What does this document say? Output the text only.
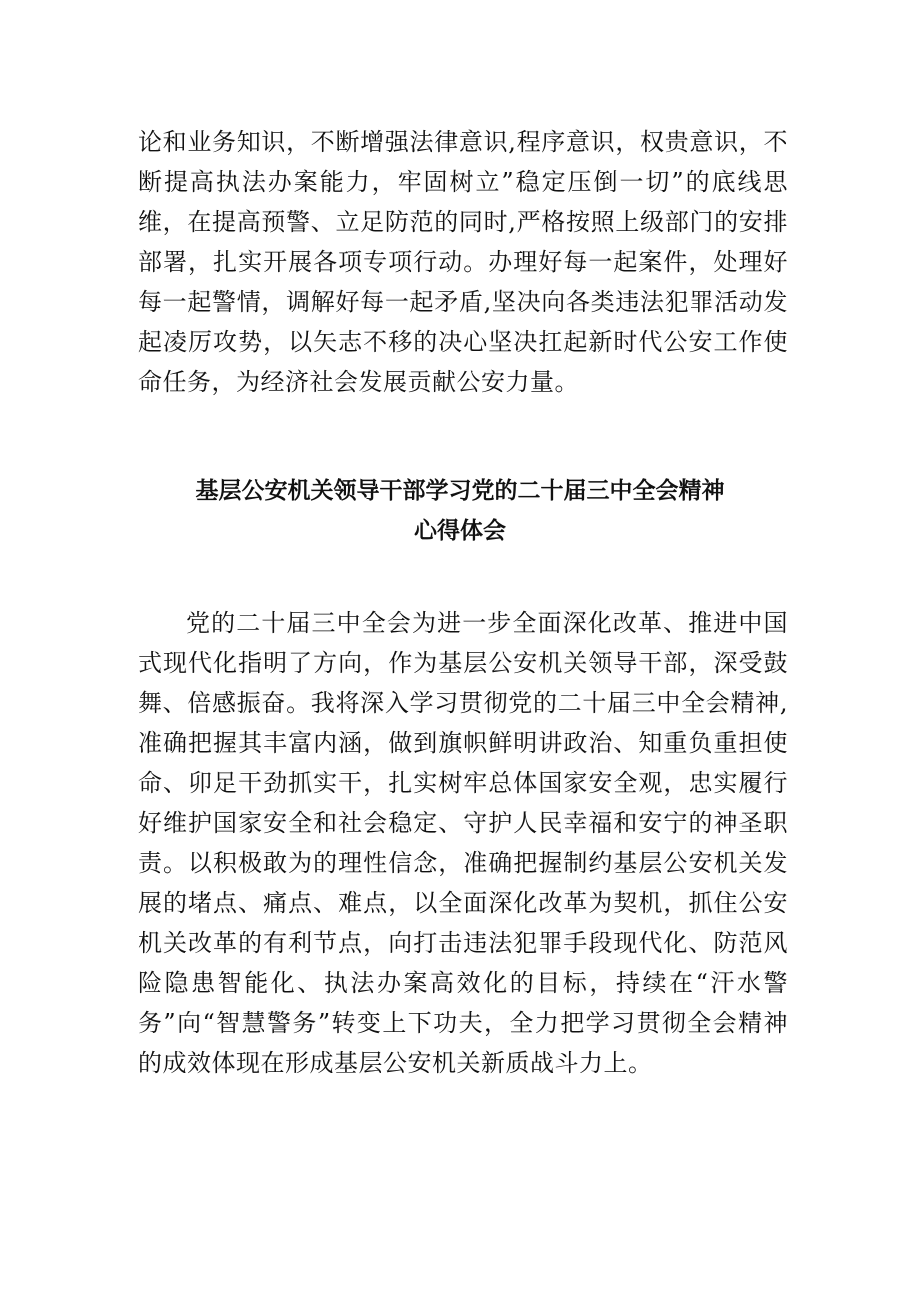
论和业务知识，不断增强法律意识,程序意识，权贵意识，不断提高执法办案能力，牢固树立”稳定压倒一切”的底线思维，在提高预警、立足防范的同时,严格按照上级部门的安排部署，扎实开展各项专项行动。办理好每一起案件，处理好每一起警情，调解好每一起矛盾,坚决向各类违法犯罪活动发起凌厉攻势，以矢志不移的决心坚决扛起新时代公安工作使命任务，为经济社会发展贡献公安力量。

基层公安机关领导干部学习党的二十届三中全会精神
心得体会

党的二十届三中全会为进一步全面深化改革、推进中国式现代化指明了方向，作为基层公安机关领导干部，深受鼓舞、倍感振奋。我将深入学习贯彻党的二十届三中全会精神,准确把握其丰富内涵，做到旗帜鲜明讲政治、知重负重担使命、卯足干劲抓实干，扎实树牢总体国家安全观，忠实履行好维护国家安全和社会稳定、守护人民幸福和安宁的神圣职责。以积极敢为的理性信念，准确把握制约基层公安机关发展的堵点、痛点、难点，以全面深化改革为契机，抓住公安机关改革的有利节点，向打击违法犯罪手段现代化、防范风险隐患智能化、执法办案高效化的目标，持续在“汗水警务”向“智慧警务”转变上下功夫，全力把学习贯彻全会精神的成效体现在形成基层公安机关新质战斗力上。
